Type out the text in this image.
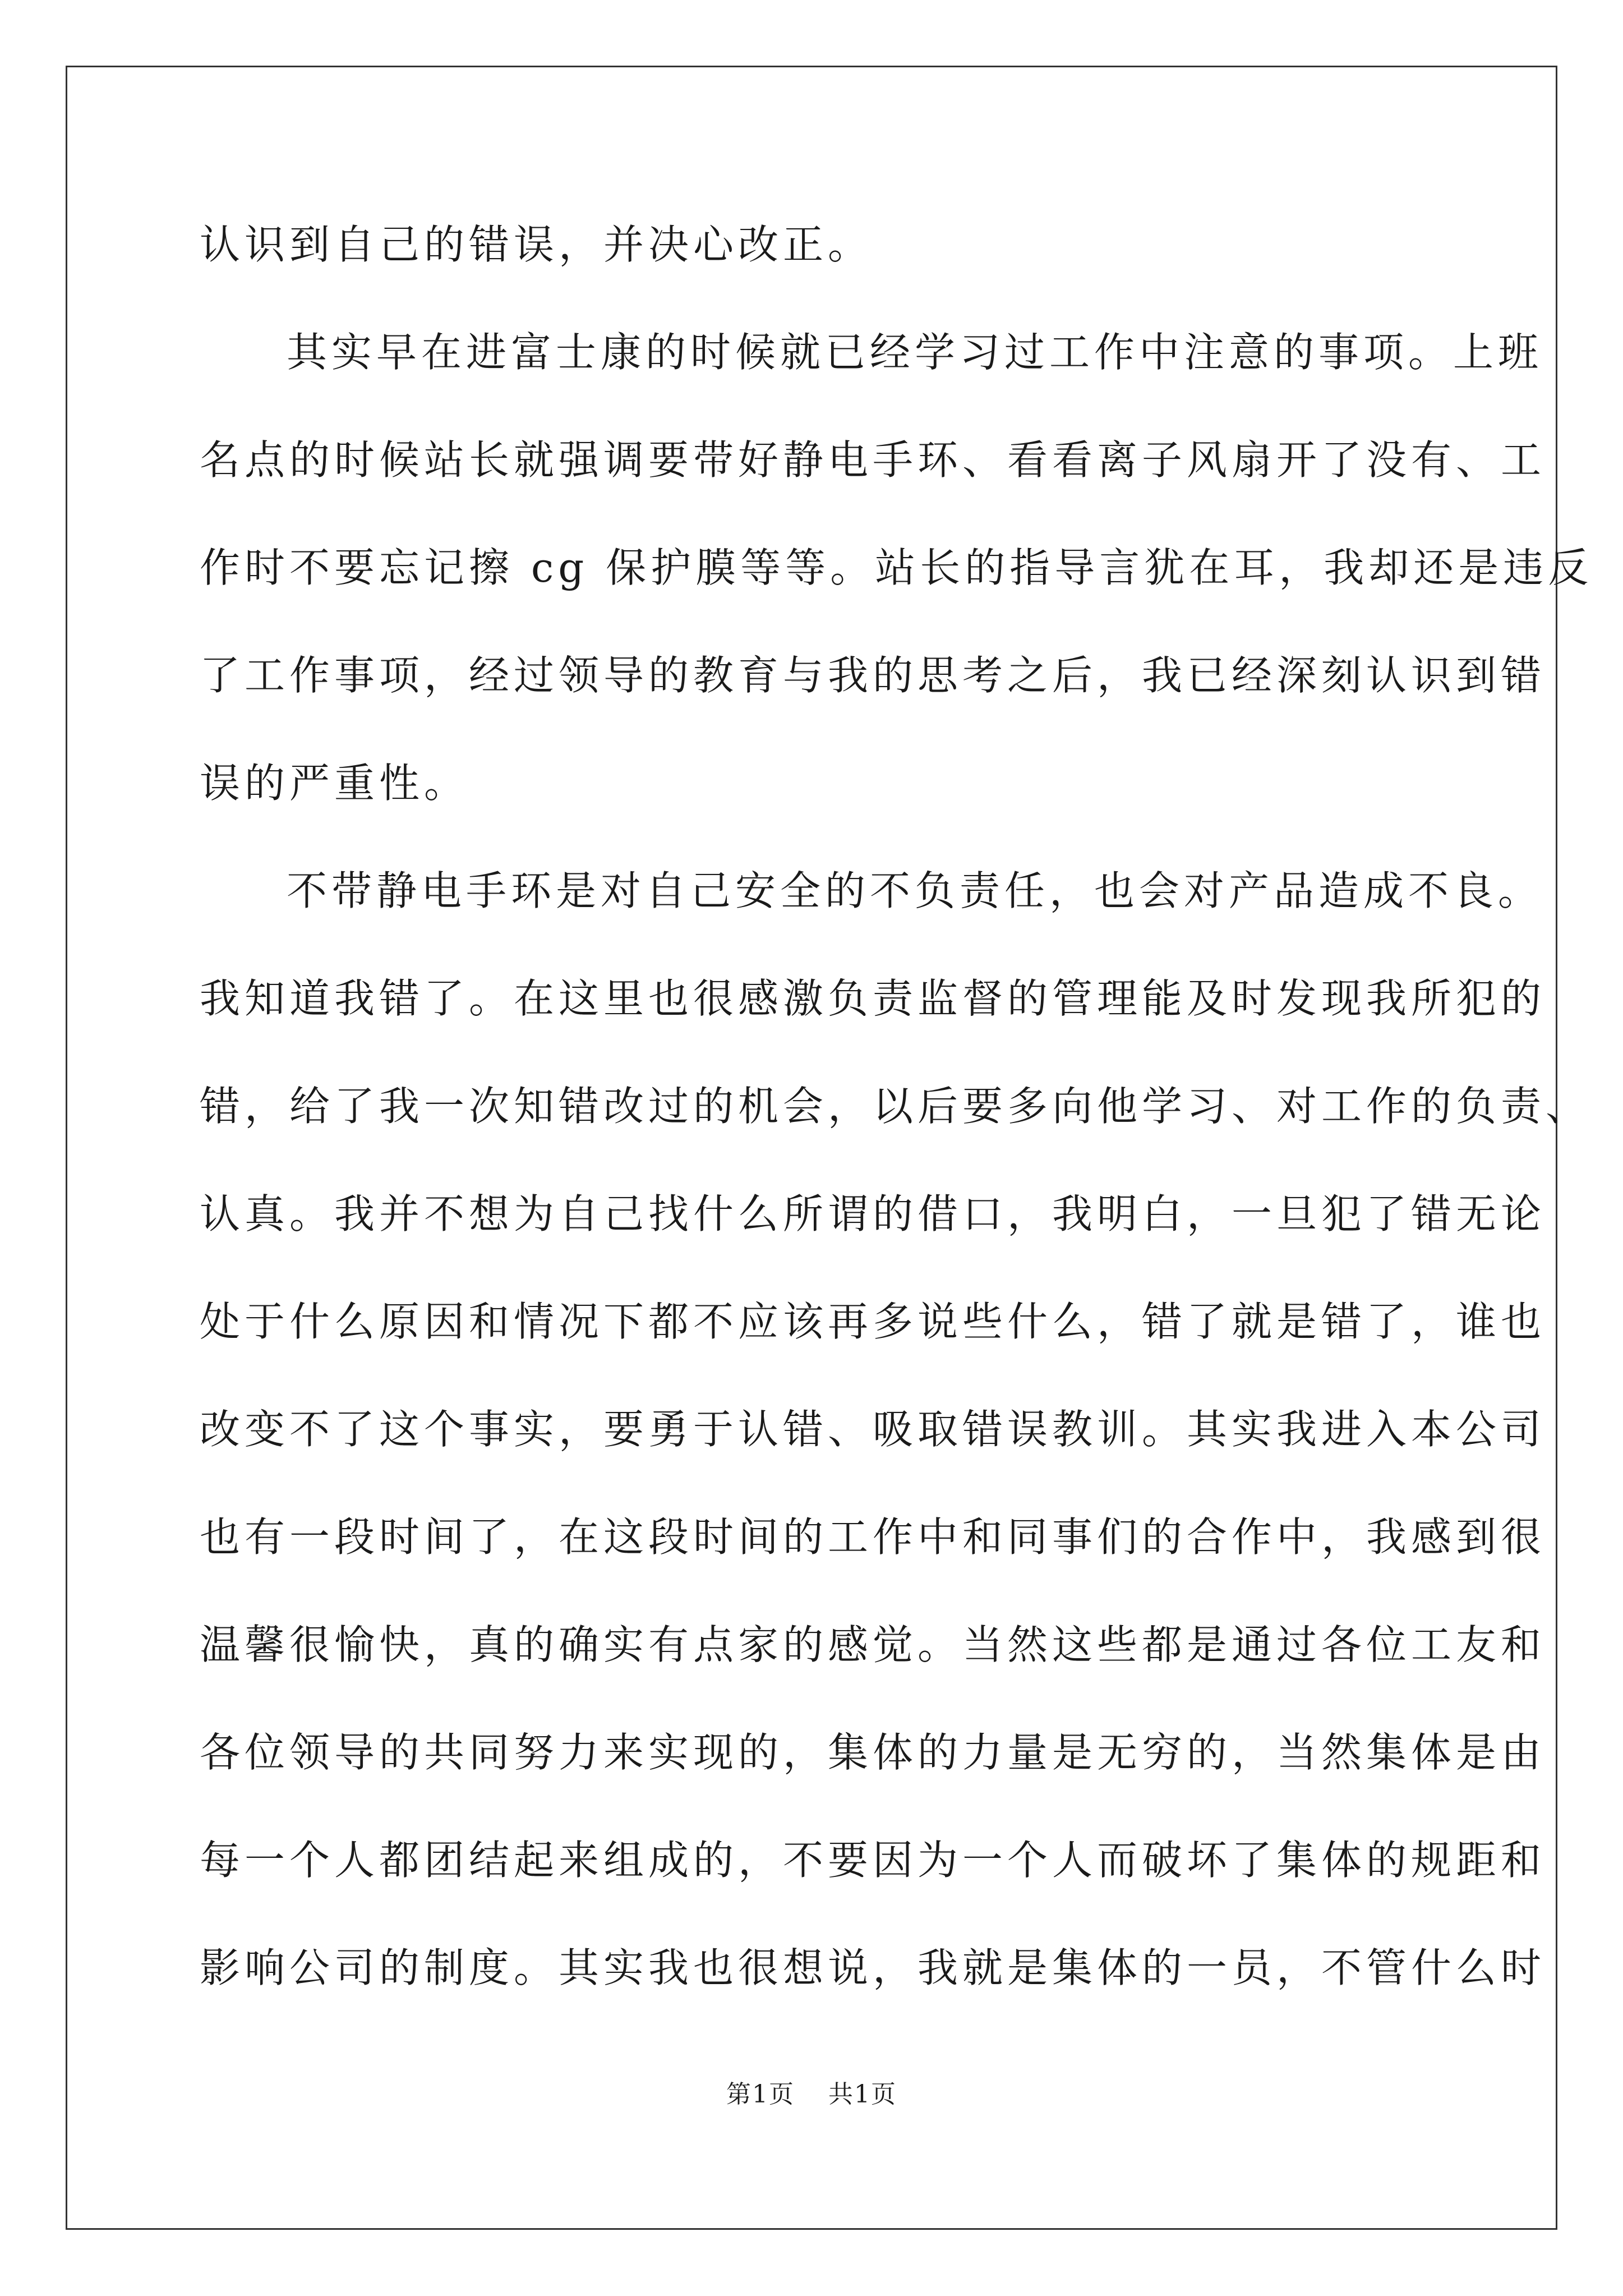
认识到自己的错误，并决心改正。
其实早在进富士康的时候就已经学习过工作中注意的事项。上班
名点的时候站长就强调要带好静电手环、看看离子风扇开了没有、工
作时不要忘记擦 cg 保护膜等等。站长的指导言犹在耳，我却还是违反
了工作事项，经过领导的教育与我的思考之后，我已经深刻认识到错
误的严重性。
不带静电手环是对自己安全的不负责任，也会对产品造成不良。
我知道我错了。在这里也很感激负责监督的管理能及时发现我所犯的
错，给了我一次知错改过的机会，以后要多向他学习、对工作的负责、
认真。我并不想为自己找什么所谓的借口，我明白，一旦犯了错无论
处于什么原因和情况下都不应该再多说些什么，错了就是错了，谁也
改变不了这个事实，要勇于认错、吸取错误教训。其实我进入本公司
也有一段时间了，在这段时间的工作中和同事们的合作中，我感到很
温馨很愉快，真的确实有点家的感觉。当然这些都是通过各位工友和
各位领导的共同努力来实现的，集体的力量是无穷的，当然集体是由
每一个人都团结起来组成的，不要因为一个人而破坏了集体的规距和
影响公司的制度。其实我也很想说，我就是集体的一员，不管什么时
第1页 共1页
